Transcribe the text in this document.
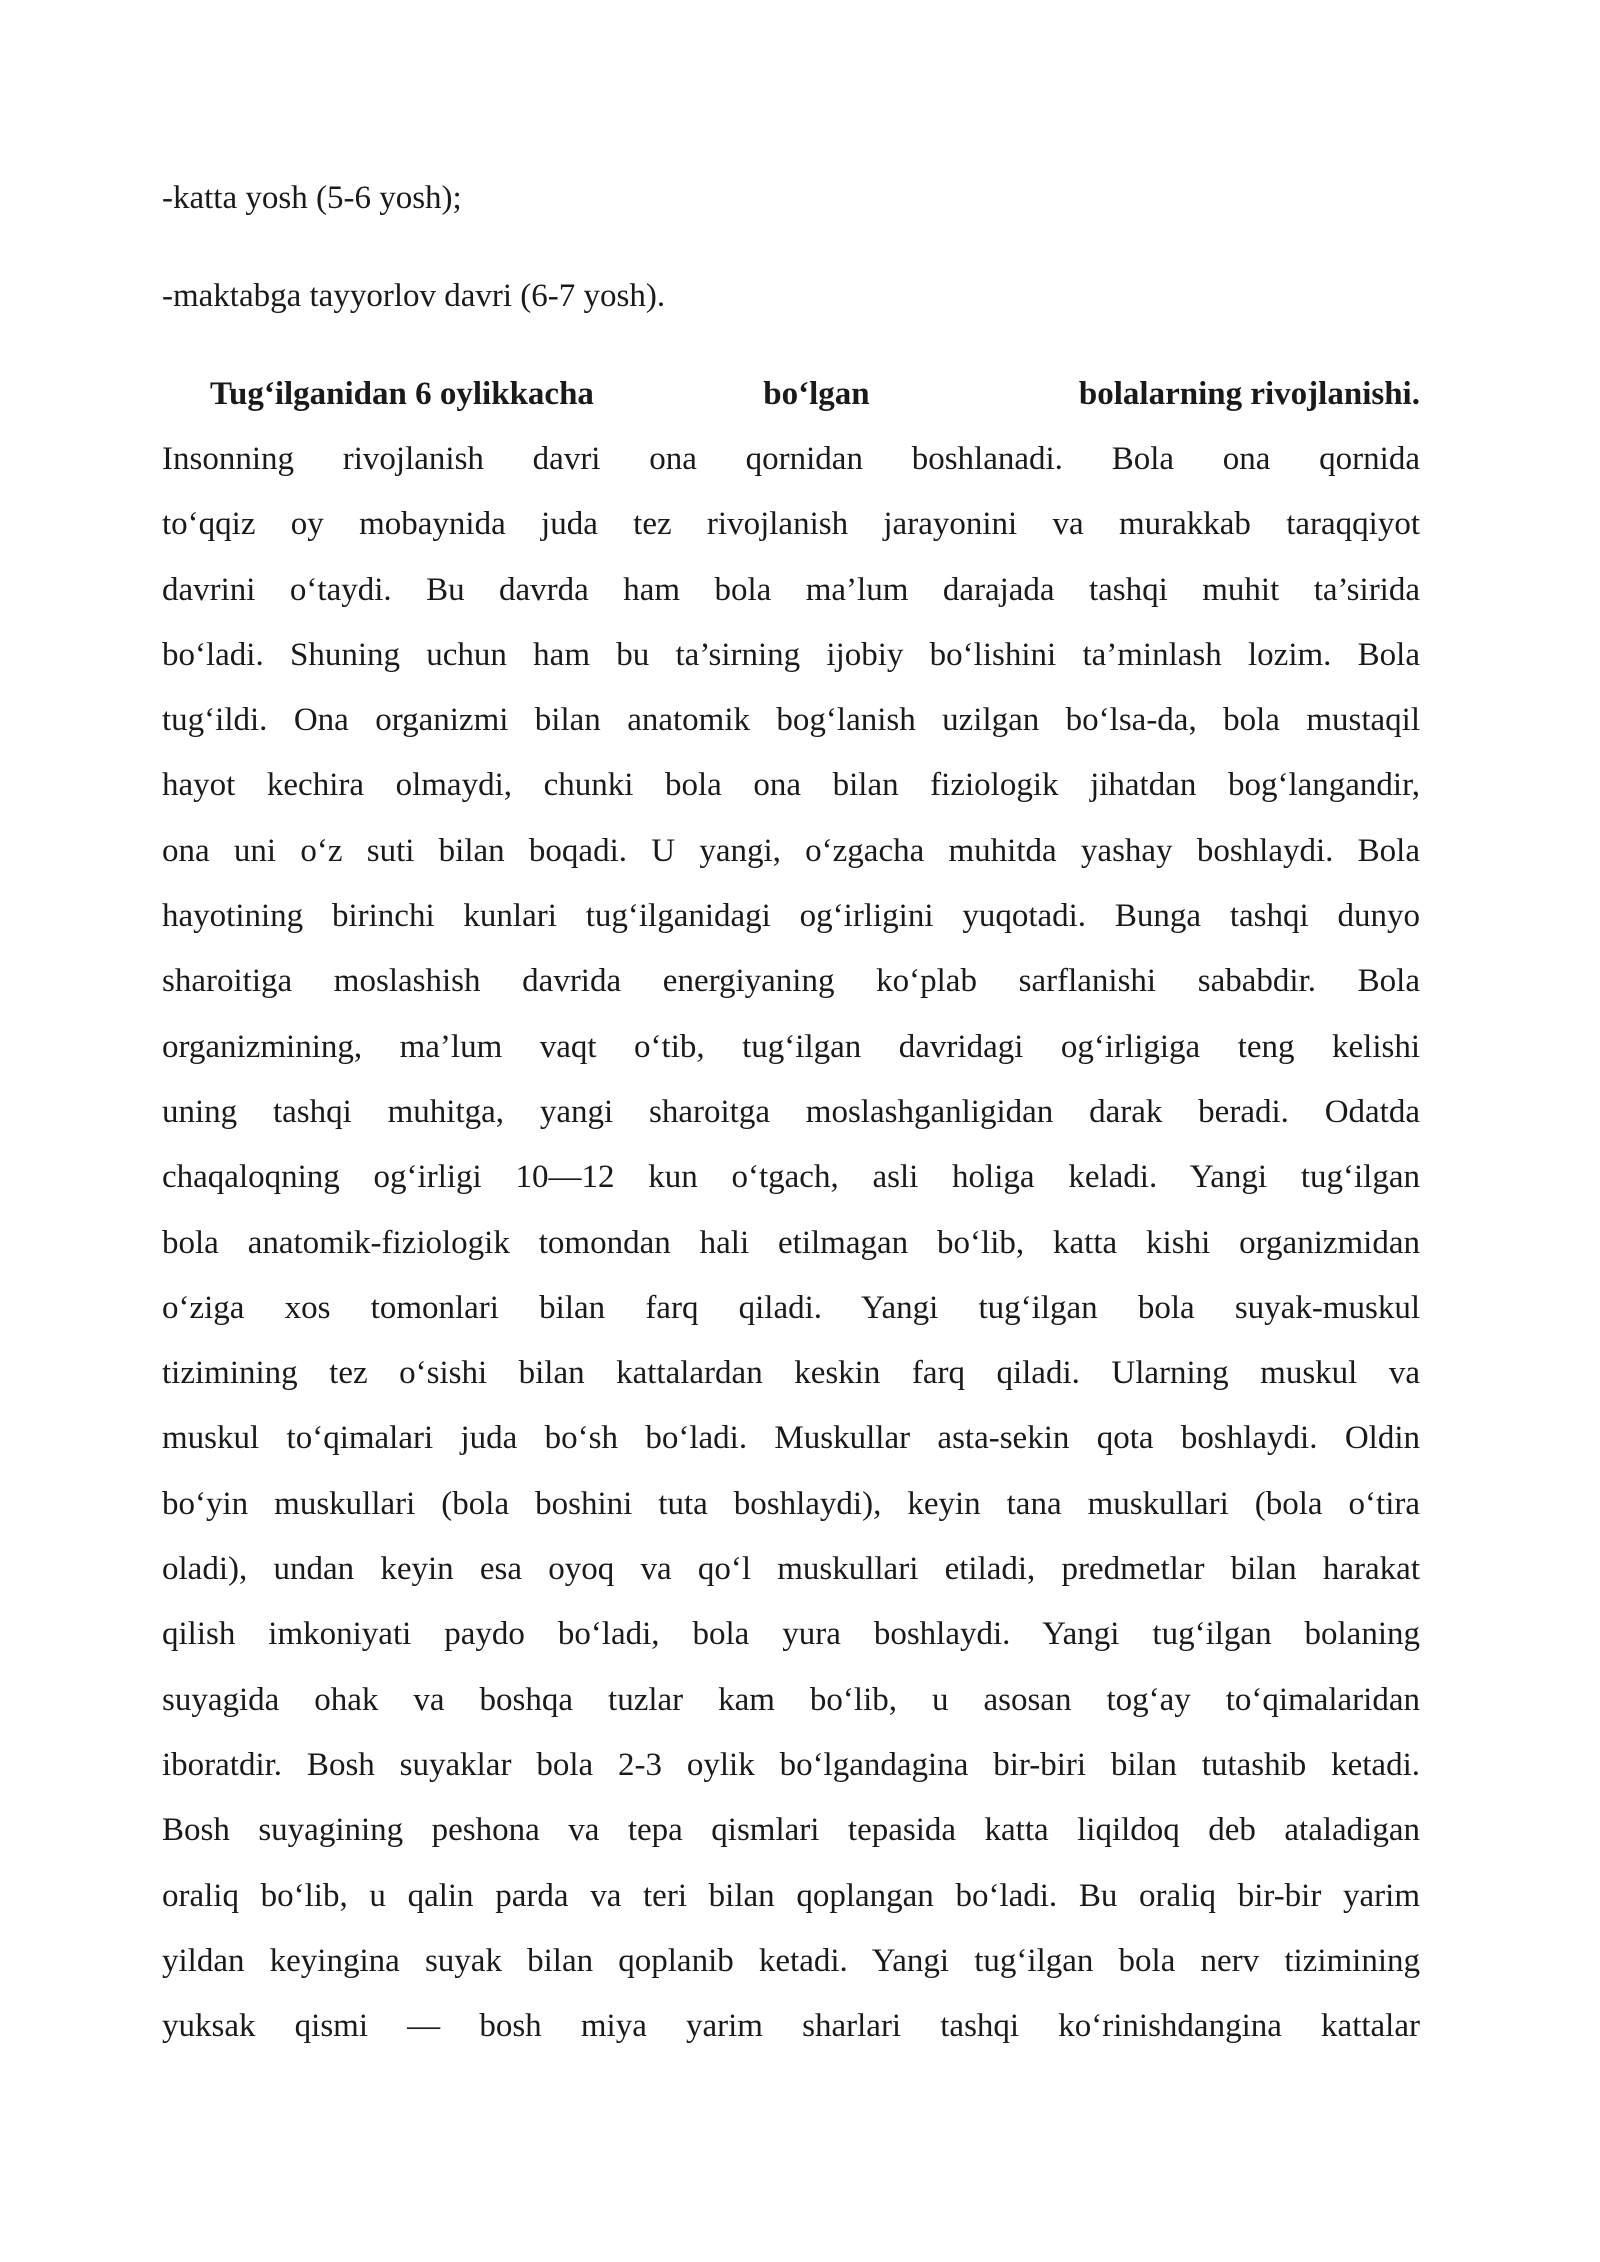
-katta yosh (5-6 yosh);

-maktabga tayyorlov davri (6-7 yosh).

Tug‘ilganidan 6 oylikkacha	bo‘lgan	bolalarning rivojlanishi.
Insonning rivojlanish davri ona qornidan boshlanadi. Bola ona qornida
to‘qqiz oy mobaynida juda tez rivojlanish jarayonini va murakkab taraqqiyot
davrini o‘taydi. Bu davrda ham bola ma’lum darajada tashqi muhit ta’sirida
bo‘ladi. Shuning uchun ham bu ta’sirning ijobiy bo‘lishini ta’minlash lozim. Bola
tug‘ildi. Ona organizmi bilan anatomik bog‘lanish uzilgan bo‘lsa-da, bola mustaqil
hayot kechira olmaydi, chunki bola ona bilan fiziologik jihatdan bog‘langandir,
ona uni o‘z suti bilan boqadi. U yangi, o‘zgacha muhitda yashay boshlaydi. Bola
hayotining birinchi kunlari tug‘ilganidagi og‘irligini yuqotadi. Bunga tashqi dunyo
sharoitiga moslashish davrida energiyaning ko‘plab sarflanishi sababdir. Bola
organizmining, ma’lum vaqt o‘tib, tug‘ilgan davridagi og‘irligiga teng kelishi
uning tashqi muhitga, yangi sharoitga moslashganligidan darak beradi. Odatda
chaqaloqning og‘irligi 10—12 kun o‘tgach, asli holiga keladi. Yangi tug‘ilgan
bola anatomik-fiziologik tomondan hali etilmagan bo‘lib, katta kishi organizmidan
o‘ziga xos tomonlari bilan farq qiladi. Yangi tug‘ilgan bola suyak-muskul
tizimining tez o‘sishi bilan kattalardan keskin farq qiladi. Ularning muskul va
muskul to‘qimalari juda bo‘sh bo‘ladi. Muskullar asta-sekin qota boshlaydi. Oldin
bo‘yin muskullari (bola boshini tuta boshlaydi), keyin tana muskullari (bola o‘tira
oladi), undan keyin esa oyoq va qo‘l muskullari etiladi, predmetlar bilan harakat
qilish imkoniyati paydo bo‘ladi, bola yura boshlaydi. Yangi tug‘ilgan bolaning
suyagida ohak va boshqa tuzlar kam bo‘lib, u asosan tog‘ay to‘qimalaridan
iboratdir. Bosh suyaklar bola 2-3 oylik bo‘lgandagina bir-biri bilan tutashib ketadi.
Bosh suyagining peshona va tepa qismlari tepasida katta liqildoq deb ataladigan
oraliq bo‘lib, u qalin parda va teri bilan qoplangan bo‘ladi. Bu oraliq bir-bir yarim
yildan keyingina suyak bilan qoplanib ketadi. Yangi tug‘ilgan bola nerv tizimining
yuksak qismi — bosh miya yarim sharlari tashqi ko‘rinishdangina kattalar
